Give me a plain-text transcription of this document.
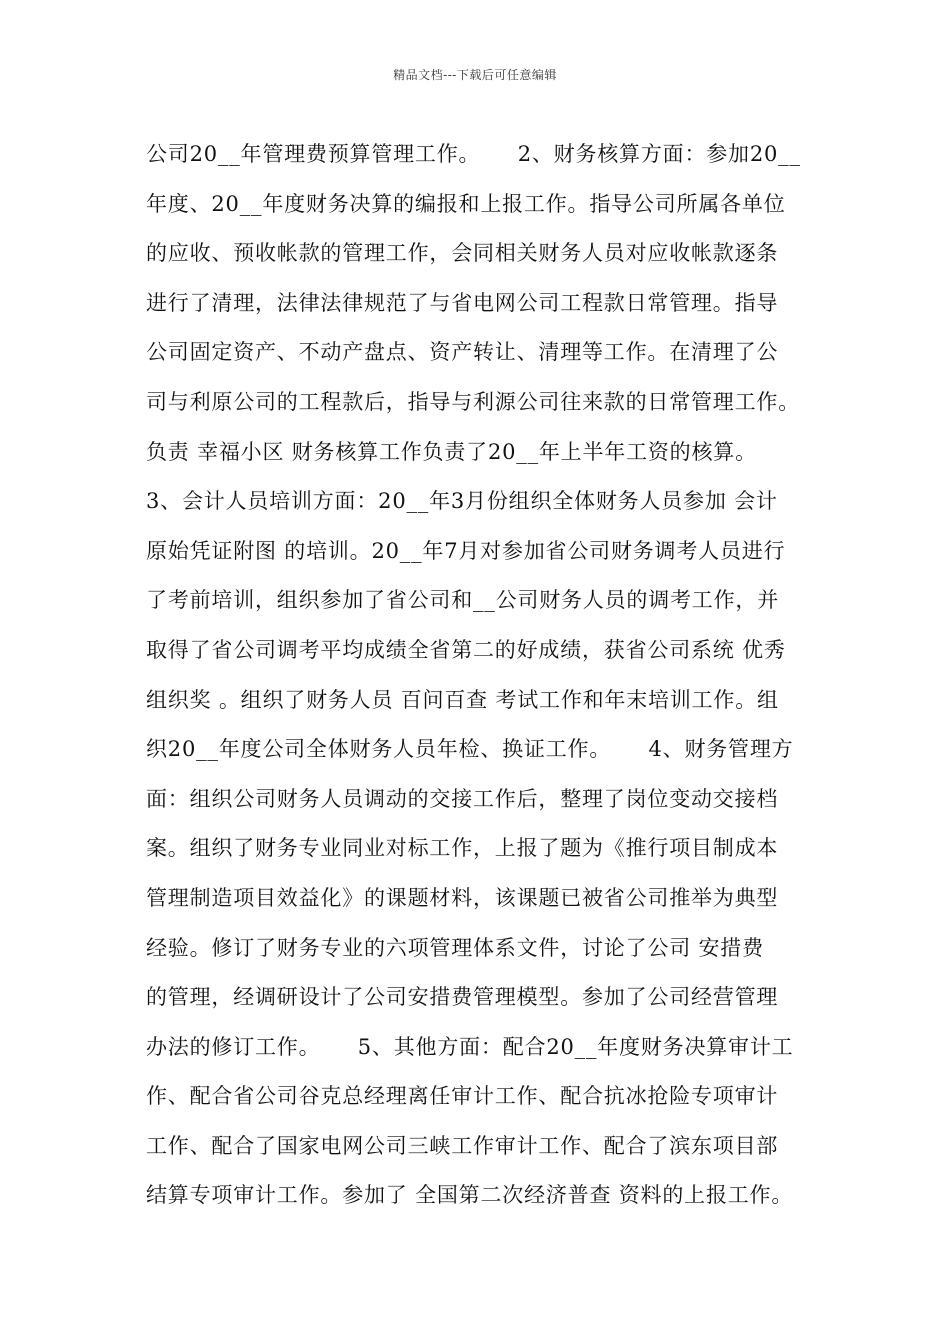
精品文档---下载后可任意编辑
公司20__年管理费预算管理工作。     2、财务核算方面：参加20__
年度、20__年度财务决算的编报和上报工作。指导公司所属各单位
的应收、预收帐款的管理工作，会同相关财务人员对应收帐款逐条
进行了清理，法律法律规范了与省电网公司工程款日常管理。指导
公司固定资产、不动产盘点、资产转让、清理等工作。在清理了公
司与利原公司的工程款后，指导与利源公司往来款的日常管理工作。
负责 幸福小区 财务核算工作负责了20__年上半年工资的核算。
3、会计人员培训方面：20__年3月份组织全体财务人员参加 会计
原始凭证附图 的培训。20__年7月对参加省公司财务调考人员进行
了考前培训，组织参加了省公司和__公司财务人员的调考工作，并
取得了省公司调考平均成绩全省第二的好成绩，获省公司系统 优秀
组织奖 。组织了财务人员 百问百查 考试工作和年末培训工作。组
织20__年度公司全体财务人员年检、换证工作。     4、财务管理方
面：组织公司财务人员调动的交接工作后，整理了岗位变动交接档
案。组织了财务专业同业对标工作，上报了题为《推行项目制成本
管理制造项目效益化》的课题材料，该课题已被省公司推举为典型
经验。修订了财务专业的六项管理体系文件，讨论了公司 安措费
的管理，经调研设计了公司安措费管理模型。参加了公司经营管理
办法的修订工作。     5、其他方面：配合20__年度财务决算审计工
作、配合省公司谷克总经理离任审计工作、配合抗冰抢险专项审计
工作、配合了国家电网公司三峡工作审计工作、配合了滨东项目部
结算专项审计工作。参加了 全国第二次经济普查 资料的上报工作。
